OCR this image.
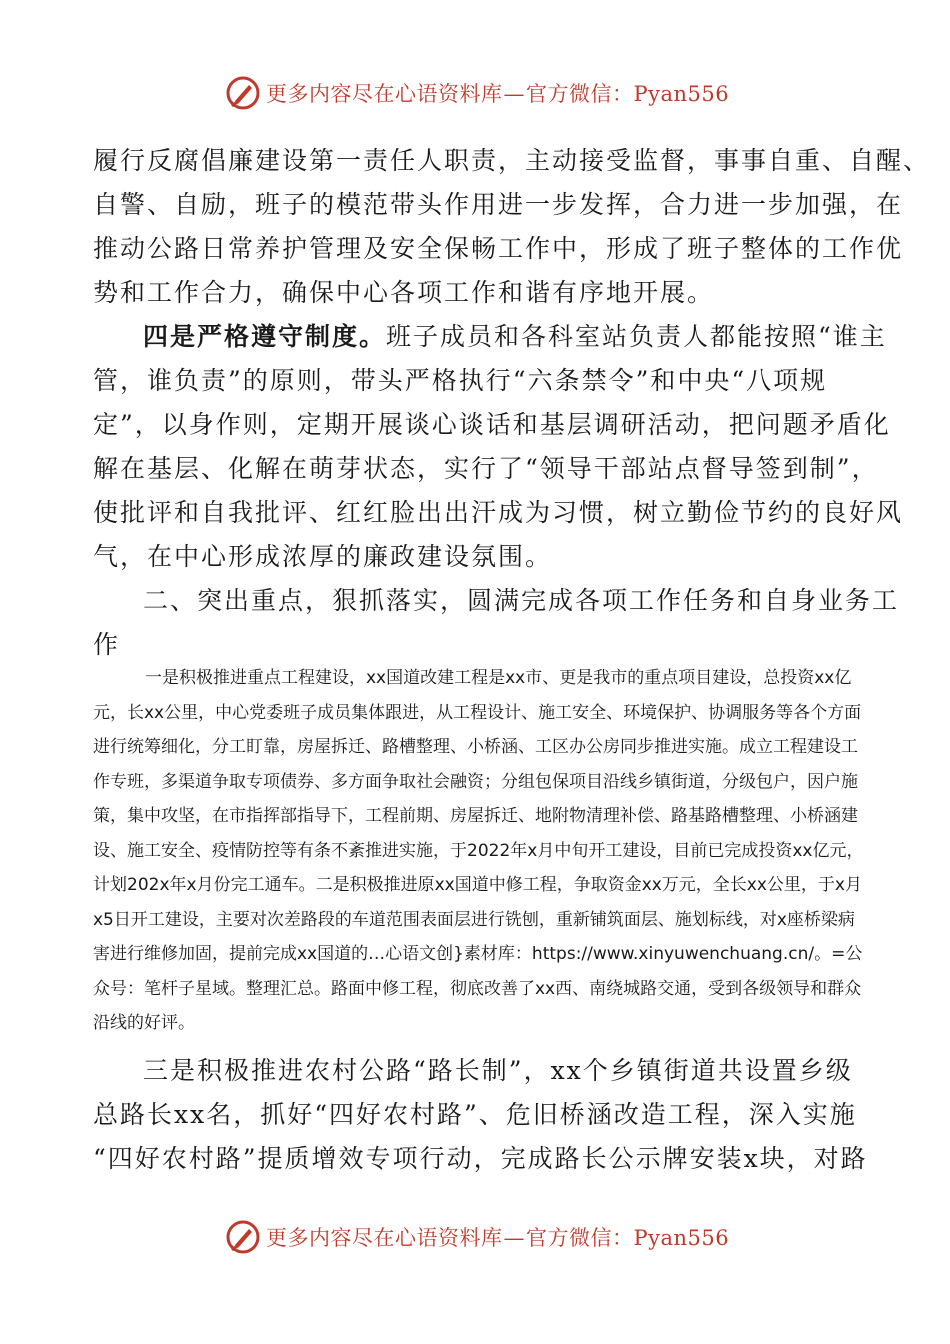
更多内容尽在心语资料库—官方微信：Pyan556
履行反腐倡廉建设第一责任人职责，主动接受监督，事事自重、自醒、
自警、自励，班子的模范带头作用进一步发挥，合力进一步加强，在
推动公路日常养护管理及安全保畅工作中，形成了班子整体的工作优
势和工作合力，确保中心各项工作和谐有序地开展。
四是严格遵守制度。班子成员和各科室站负责人都能按照“谁主
管，谁负责”的原则，带头严格执行“六条禁令”和中央“八项规
定”，以身作则，定期开展谈心谈话和基层调研活动，把问题矛盾化
解在基层、化解在萌芽状态，实行了“领导干部站点督导签到制”，
使批评和自我批评、红红脸出出汗成为习惯，树立勤俭节约的良好风
气，在中心形成浓厚的廉政建设氛围。
二、突出重点，狠抓落实，圆满完成各项工作任务和自身业务工
作
一是积极推进重点工程建设，xx国道改建工程是xx市、更是我市的重点项目建设，总投资xx亿元，长xx公里，中心党委班子成员集体跟进，从工程设计、施工安全、环境保护、协调服务等各个方面进行统筹细化，分工盯靠，房屋拆迁、路槽整理、小桥涵、工区办公房同步推进实施。成立工程建设工作专班，多渠道争取专项债券、多方面争取社会融资；分组包保项目沿线乡镇街道，分级包户，因户施策，集中攻坚，在市指挥部指导下，工程前期、房屋拆迁、地附物清理补偿、路基路槽整理、小桥涵建设、施工安全、疫情防控等有条不紊推进实施，于2022年x月中旬开工建设，目前已完成投资xx亿元，计划202x年x月份完工通车。二是积极推进原xx国道中修工程，争取资金xx万元，全长xx公里，于x月x5日开工建设，主要对次差路段的车道范围表面层进行铣刨，重新铺筑面层、施划标线，对x座桥梁病害进行维修加固，提前完成xx国道的…心语文创}素材库：https://www.xinyuwenchuang.cn/。=公众号：笔杆子星域。整理汇总。路面中修工程，彻底改善了xx西、南绕城路交通，受到各级领导和群众沿线的好评。
三是积极推进农村公路“路长制”，xx个乡镇街道共设置乡级
总路长xx名，抓好“四好农村路”、危旧桥涵改造工程，深入实施
“四好农村路”提质增效专项行动，完成路长公示牌安装x块，对路
更多内容尽在心语资料库—官方微信：Pyan556
